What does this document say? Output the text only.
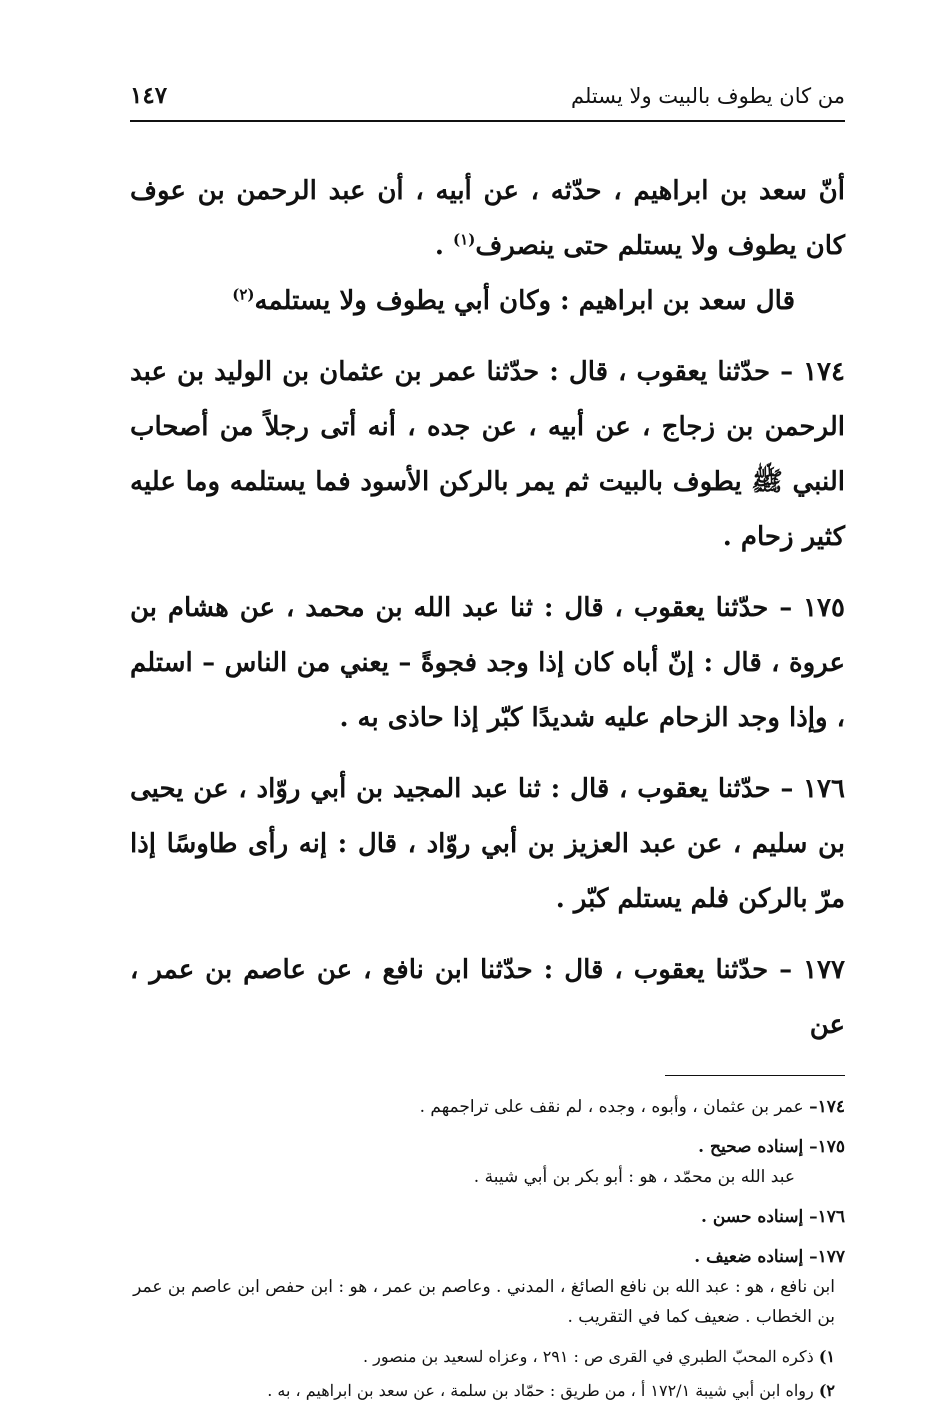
من كان يطوف بالبيت ولا يستلم
١٤٧

أنّ سعد بن ابراهيم ، حدّثه ، عن أبيه ، أن عبد الرحمن بن عوف كان يطوف ولا يستلم حتى ينصرف$^{(١)}$ .

قال سعد بن ابراهيم : وكان أبي يطوف ولا يستلمه$^{(٢)}$

١٧٤ – حدّثنا يعقوب ، قال : حدّثنا عمر بن عثمان بن الوليد بن عبد الرحمن بن زجاج ، عن أبيه ، عن جده ، أنه أتى رجلاً من أصحاب النبي ﷺ يطوف بالبيت ثم يمر بالركن الأسود فما يستلمه وما عليه كثير زحام .

١٧٥ – حدّثنا يعقوب ، قال : ثنا عبد الله بن محمد ، عن هشام بن عروة ، قال : إنّ أباه كان إذا وجد فجوةً – يعني من الناس – استلم ، وإذا وجد الزحام عليه شديدًا كبّر إذا حاذى به .

١٧٦ – حدّثنا يعقوب ، قال : ثنا عبد المجيد بن أبي روّاد ، عن يحيى بن سليم ، عن عبد العزيز بن أبي روّاد ، قال : إنه رأى طاوسًا إذا مرّ بالركن فلم يستلم كبّر .

١٧٧ – حدّثنا يعقوب ، قال : حدّثنا ابن نافع ، عن عاصم بن عمر ، عن

١٧٤– عمر بن عثمان ، وأبوه ، وجده ، لم نقف على تراجمهم .
١٧٥– إسناده صحيح .
عبد الله بن محمّد ، هو : أبو بكر بن أبي شيبة .
١٧٦– إسناده حسن .
١٧٧– إسناده ضعيف .
ابن نافع ، هو : عبد الله بن نافع الصائغ ، المدني . وعاصم بن عمر ، هو : ابن حفص ابن عاصم بن عمر بن الخطاب . ضعيف كما في التقريب .
١) ذكره المحبّ الطبري في القرى ص : ٢٩١ ، وعزاه لسعيد بن منصور .
٢) رواه ابن أبي شيبة ١٧٢/١ أ ، من طريق : حمّاد بن سلمة ، عن سعد بن ابراهيم ، به .
